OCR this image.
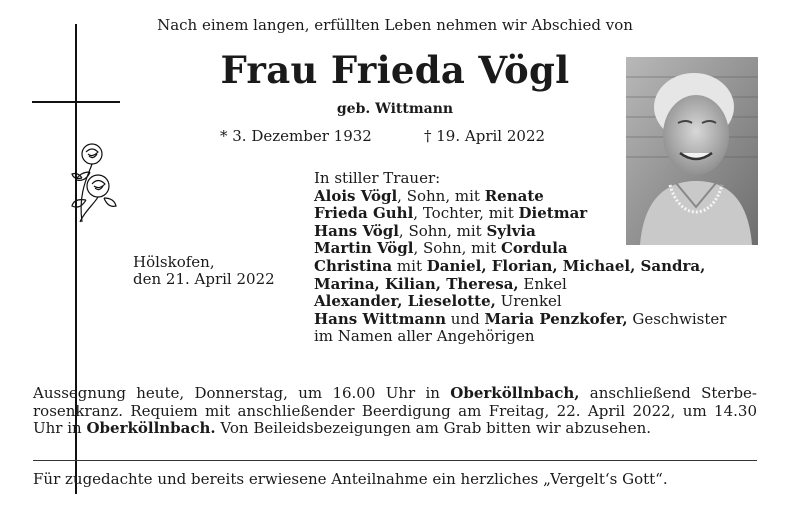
Nach einem langen, erfüllten Leben nehmen wir Abschied von
Frau Frieda Vögl
geb. Wittmann
* 3. Dezember 1932	† 19. April 2022
Hölskofen,
den 21. April 2022
In stiller Trauer:
Alois Vögl, Sohn, mit Renate
Frieda Guhl, Tochter, mit Dietmar
Hans Vögl, Sohn, mit Sylvia
Martin Vögl, Sohn, mit Cordula
Christina mit Daniel, Florian, Michael, Sandra,
Marina, Kilian, Theresa, Enkel
Alexander, Lieselotte, Urenkel
Hans Wittmann und Maria Penzkofer, Geschwister
im Namen aller Angehörigen
Aussegnung heute, Donnerstag, um 16.00 Uhr in Oberköllnbach, anschließend Sterbe-rosenkranz. Requiem mit anschließender Beerdigung am Freitag, 22. April 2022, um 14.30 Uhr in Oberköllnbach. Von Beileidsbezeigungen am Grab bitten wir abzusehen.
Für zugedachte und bereits erwiesene Anteilnahme ein herzliches „Vergelt‘s Gott“.
